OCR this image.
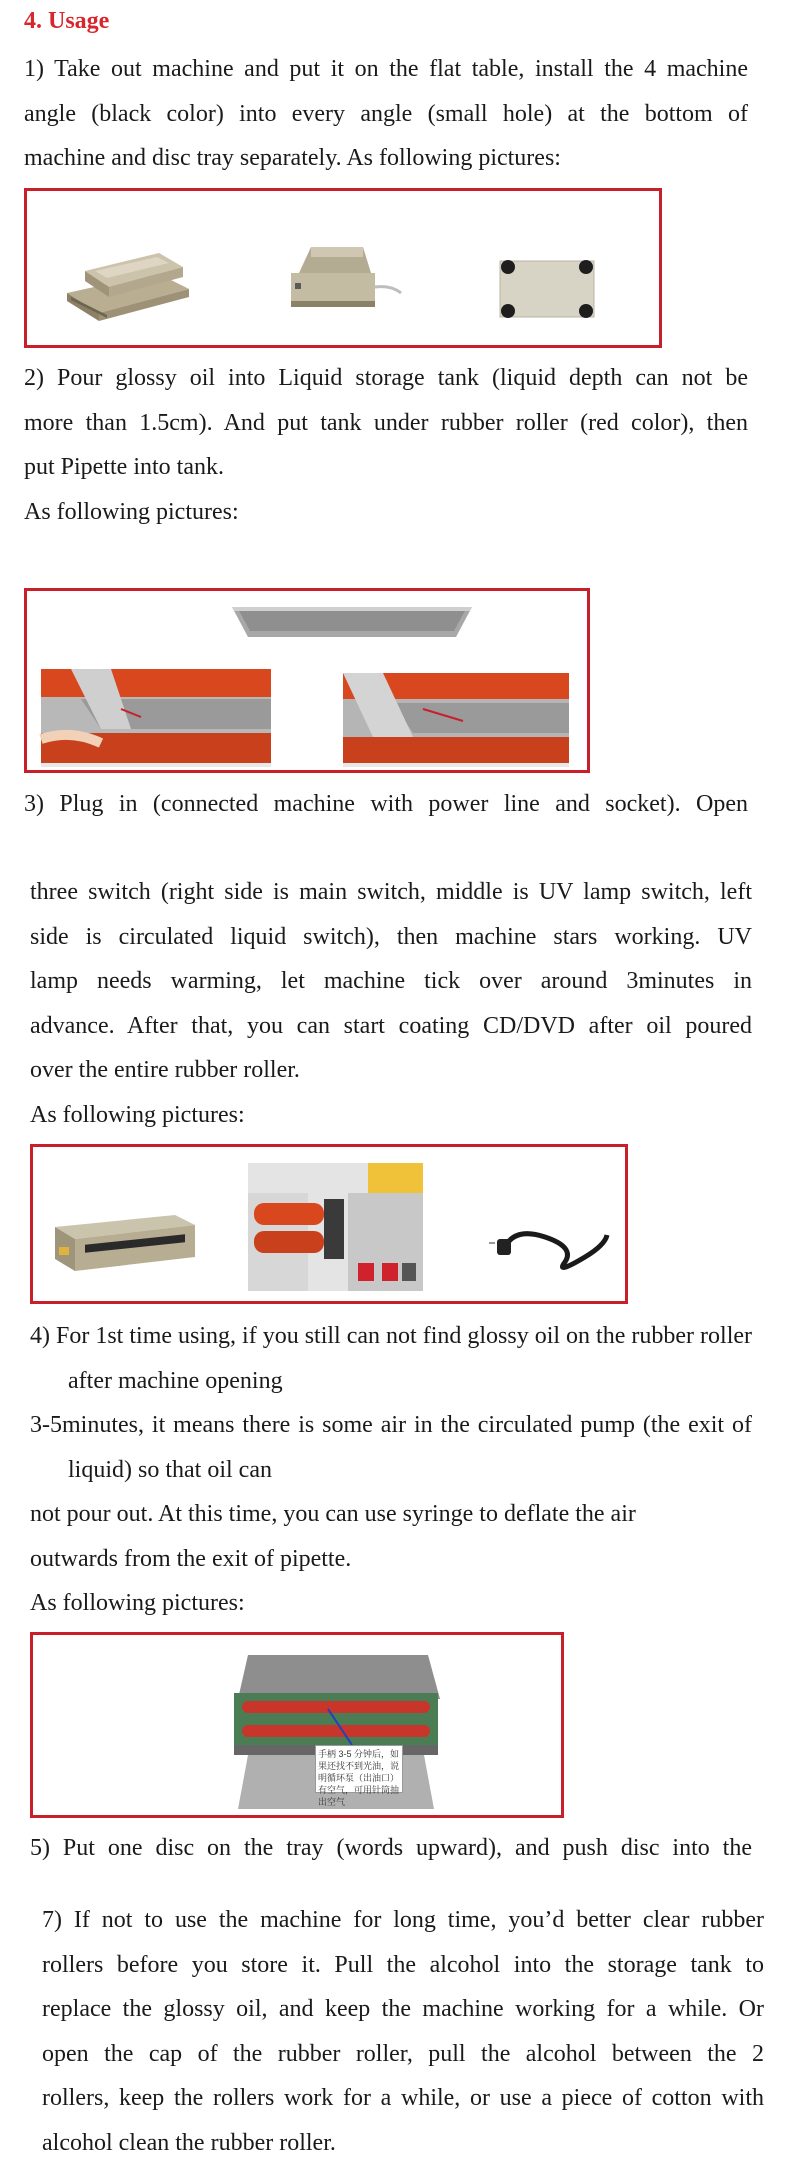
4. Usage

1) Take out machine and put it on the flat table, install the 4 machine

angle (black color) into every angle (small hole) at the bottom of

machine and disc tray separately. As following pictures:

2) Pour glossy oil into Liquid storage tank (liquid depth can not be

more than 1.5cm). And put tank under rubber roller (red color), then

put Pipette into tank.

As following pictures:

3) Plug in (connected machine with power line and socket). Open

three switch (right side is main switch, middle is UV lamp switch, left

side is circulated liquid switch), then machine stars working. UV

lamp needs warming, let machine tick over around 3minutes in

advance. After that, you can start coating CD/DVD after oil poured

over the entire rubber roller.

As following pictures:

4) For 1st time using, if you still can not find glossy oil on the rubber roller after machine opening

3-5minutes, it means there is some air in the circulated pump (the exit of liquid) so that oil can

not pour out. At this time, you can use syringe to deflate the air

outwards from the exit of pipette.

As following pictures:

手柄 3-5 分钟后，如果还找不到光油，说明循环泵（出油口）有空气，可用针筒抽出空气

5) Put one disc on the tray (words upward), and push disc into the

7) If not to use the machine for long time, you’d better clear rubber

rollers before you store it. Pull the alcohol into the storage tank to

replace the glossy oil, and keep the machine working for a while. Or

open the cap of the rubber roller, pull the alcohol between the 2

rollers, keep the rollers work for a while, or use a piece of cotton with

alcohol clean the rubber roller.
